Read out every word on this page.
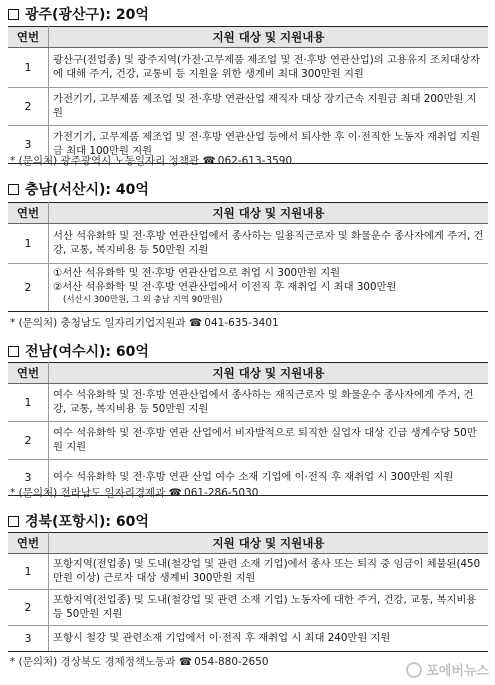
광주(광산구): 20억
연번	지원 대상 및 지원내용
1	광산구(전업종) 및 광주지역(가전·고무제품 제조업 및 전·후방 연관산업)의 고용유지 조치대상자에 대해 주거, 건강, 교통비 등 지원을 위한 생계비 최대 300만원 지원
2	가전기기, 고무제품 제조업 및 전·후방 연관산업 재직자 대상 장기근속 지원금 최대 200만원 지원
3	가전기기, 고무제품 제조업 및 전·후방 연관산업 등에서 퇴사한 후 이·전직한 노동자 재취업 지원금 최대 100만원 지원
* (문의처) 광주광역시 노동일자리 정책관 ☎ 062-613-3590
충남(서산시): 40억
연번	지원 대상 및 지원내용
1	서산 석유화학 및 전·후방 연관산업에서 종사하는 일용직근로자 및 화물운수 종사자에게 주거, 건강, 교통, 복지비용 등 50만원 지원
2	①서산 석유화학 및 전·후방 연관산업으로 취업 시 300만원 지원
②서산 석유화학 및 전·후방 연관산업에서 이전직 후 재취업 시 최대 300만원
(서산시 300만원, 그 외 충남 지역 90만원)
* (문의처) 충청남도 일자리기업지원과 ☎ 041-635-3401
전남(여수시): 60억
연번	지원 대상 및 지원내용
1	여수 석유화학 및 전·후방 연관산업에서 종사하는 재직근로자 및 화물운수 종사자에게 주거, 건강, 교통, 복지비용 등 50만원 지원
2	여수 석유화학 및 전·후방 연관 산업에서 비자발적으로 퇴직한 실업자 대상 긴급 생계수당 50만원 지원
3	여수 석유화학 및 전·후방 연관 산업 여수 소재 기업에 이·전직 후 재취업 시 300만원 지원
* (문의처) 전라남도 일자리경제과 ☎ 061-286-5030
경북(포항시): 60억
연번	지원 대상 및 지원내용
1	포항지역(전업종) 및 도내(철강업 및 관련 소재 기업)에서 종사 또는 퇴직 중 임금이 체불된(450만원 이상) 근로자 대상 생계비 300만원 지원
2	포항지역(전업종) 및 도내(철강업 및 관련 소재 기업) 노동자에 대한 주거, 건강, 교통, 복지비용 등 50만원 지원
3	포항시 철강 및 관련소재 기업에서 이·전직 후 재취업 시 최대 240만원 지원
* (문의처) 경상북도 경제정책노동과 ☎ 054-880-2650
포에버뉴스
